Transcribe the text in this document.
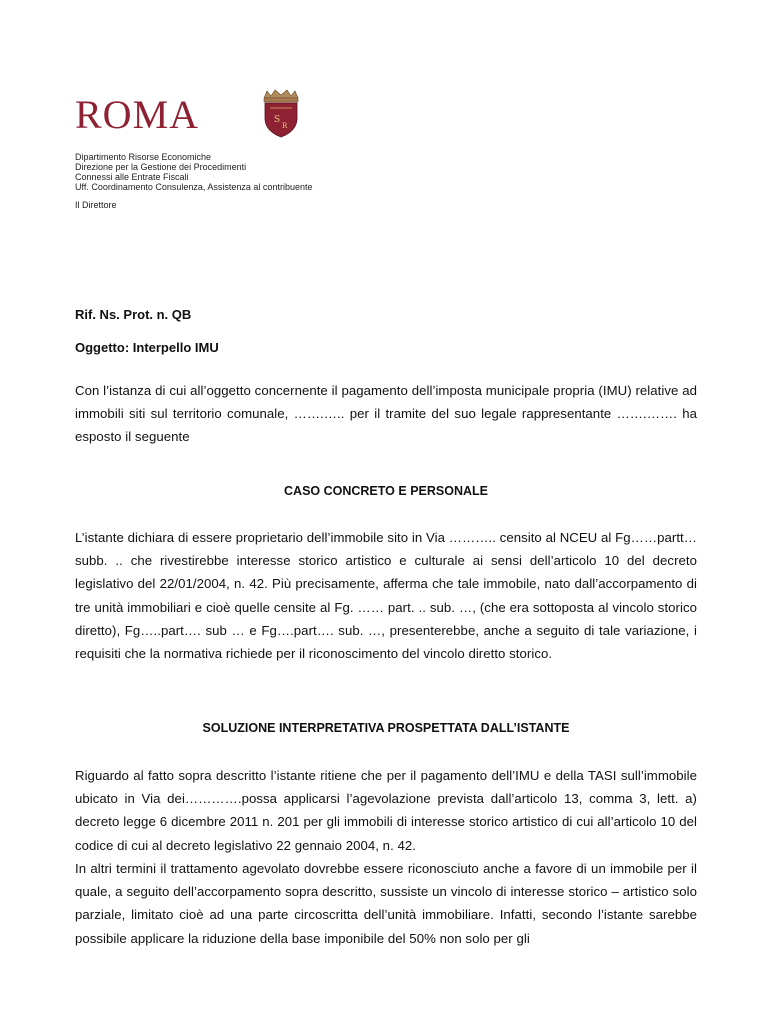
ROMA	S
R
Dipartimento Risorse Economiche
Direzione per la Gestione dei Procedimenti
Connessi alle Entrate Fiscali
Uff. Coordinamento Consulenza, Assistenza al contribuente
Il Direttore
Rif. Ns. Prot. n. QB
Oggetto: Interpello IMU
Con l’istanza di cui all’oggetto concernente il pagamento dell’imposta municipale propria (IMU) relative ad immobili siti sul territorio comunale, …….….. per il tramite del suo legale rappresentante …….……. ha esposto il seguente
CASO CONCRETO E PERSONALE
L’istante dichiara di essere proprietario dell’immobile sito in Via ……….. censito al NCEU al Fg……partt… subb. .. che rivestirebbe interesse storico artistico e culturale ai sensi dell’articolo 10 del decreto legislativo del 22/01/2004, n. 42. Più precisamente, afferma che tale immobile, nato dall’accorpamento di tre unità immobiliari e cioè quelle censite al Fg. …… part. .. sub. …, (che era sottoposta al vincolo storico diretto), Fg…..part…. sub … e Fg….part…. sub. …, presenterebbe, anche a seguito di tale variazione, i requisiti che la normativa richiede per il riconoscimento del vincolo diretto storico.
SOLUZIONE INTERPRETATIVA PROSPETTATA DALL’ISTANTE
Riguardo al fatto sopra descritto l’istante ritiene che per il pagamento dell’IMU e della TASI sull’immobile ubicato in Via dei………….possa applicarsi l’agevolazione prevista dall’articolo 13, comma 3, lett. a) decreto legge 6 dicembre 2011 n. 201 per gli immobili di interesse storico artistico di cui all’articolo 10 del codice di cui al decreto legislativo 22 gennaio 2004, n. 42.
In altri termini il trattamento agevolato dovrebbe essere riconosciuto anche a favore di un immobile per il quale, a seguito dell’accorpamento sopra descritto, sussiste un vincolo di interesse storico – artistico solo parziale, limitato cioè ad una parte circoscritta dell’unità immobiliare. Infatti, secondo l’istante sarebbe possibile applicare la riduzione della base imponibile del 50% non solo per gli
